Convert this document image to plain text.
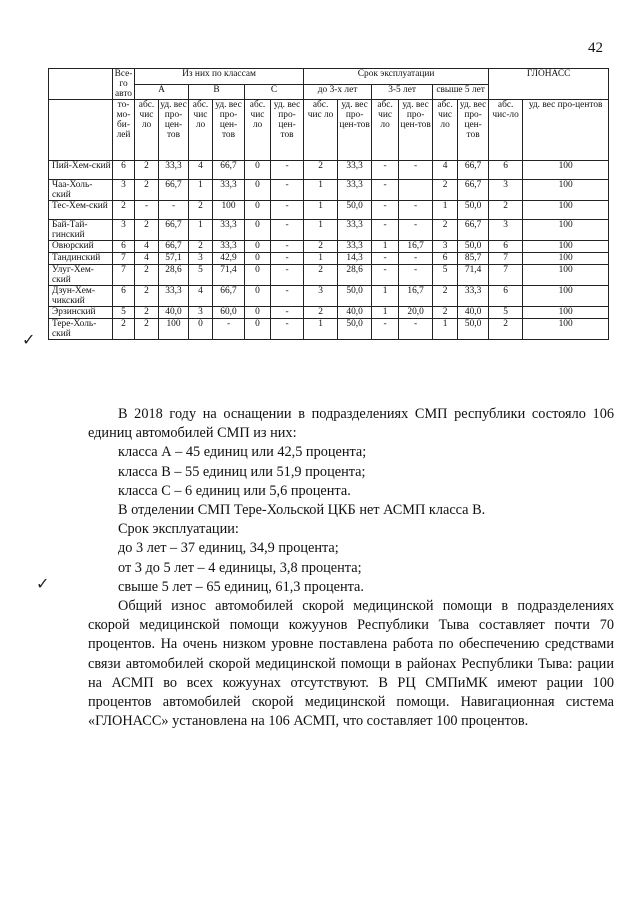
42
	Все-го авто	Из них по классам						Срок эксплуатации						ГЛОНАСС	
		А		В		С		до 3-х лет		3-5 лет		свыше 5 лет			
	то-мо-би-лей	абс. чис ло	уд. вес про-цен-тов	абс. чис ло	уд. вес про-цен-тов	абс. чис ло	уд. вес про-цен-тов	абс. чис ло	уд. вес про-цен-тов	абс. чис ло	уд. вес про-цен-тов	абс. чис ло	уд. вес про-цен-тов	абс. чис-ло	уд. вес про-центов
Пий-Хем-ский	6	2	33,3	4	66,7	0	-	2	33,3	-	-	4	66,7	6	100
Чаа-Холь-ский	3	2	66,7	1	33,3	0	-	1	33,3	-		2	66,7	3	100
Тес-Хем-ский	2	-	-	2	100	0	-	1	50,0	-	-	1	50,0	2	100
Бай-Тай-гинский	3	2	66,7	1	33,3	0	-	1	33,3	-	-	2	66,7	3	100
Овюрский	6	4	66,7	2	33,3	0	-	2	33,3	1	16,7	3	50,0	6	100
Тандинский	7	4	57,1	3	42,9	0	-	1	14,3	-	-	6	85,7	7	100
Улуг-Хем-ский	7	2	28,6	5	71,4	0	-	2	28,6	-	-	5	71,4	7	100
Дзун-Хем-чикский	6	2	33,3	4	66,7	0	-	3	50,0	1	16,7	2	33,3	6	100
Эрзинский	5	2	40,0	3	60,0	0	-	2	40,0	1	20,0	2	40,0	5	100
Тере-Холь-ский	2	2	100	0	-	0	-	1	50,0	-	-	1	50,0	2	100

В 2018 году на оснащении в подразделениях СМП республики состояло 106 единиц автомобилей СМП из них:

класса А – 45 единиц или 42,5 процента;

класса В – 55 единиц или 51,9 процента;

класса С – 6 единиц или 5,6 процента.

В отделении СМП Тере-Хольской ЦКБ нет АСМП класса В.

Срок эксплуатации:

до 3 лет – 37 единиц, 34,9 процента;

от 3 до 5 лет – 4 единицы, 3,8 процента;

свыше 5 лет – 65 единиц, 61,3 процента.

Общий износ автомобилей скорой медицинской помощи в подразделениях скорой медицинской помощи кожуунов Республики Тыва составляет почти 70 процентов. На очень низком уровне поставлена работа по обеспечению средствами связи автомобилей скорой медицинской помощи в районах Республики Тыва: рации на АСМП во всех кожуунах отсутствуют. В РЦ СМПиМК имеют рации 100 процентов автомобилей скорой медицинской помощи. Навигационная система «ГЛОНАСС» установлена на 106 АСМП, что составляет 100 процентов.

✓
✓
